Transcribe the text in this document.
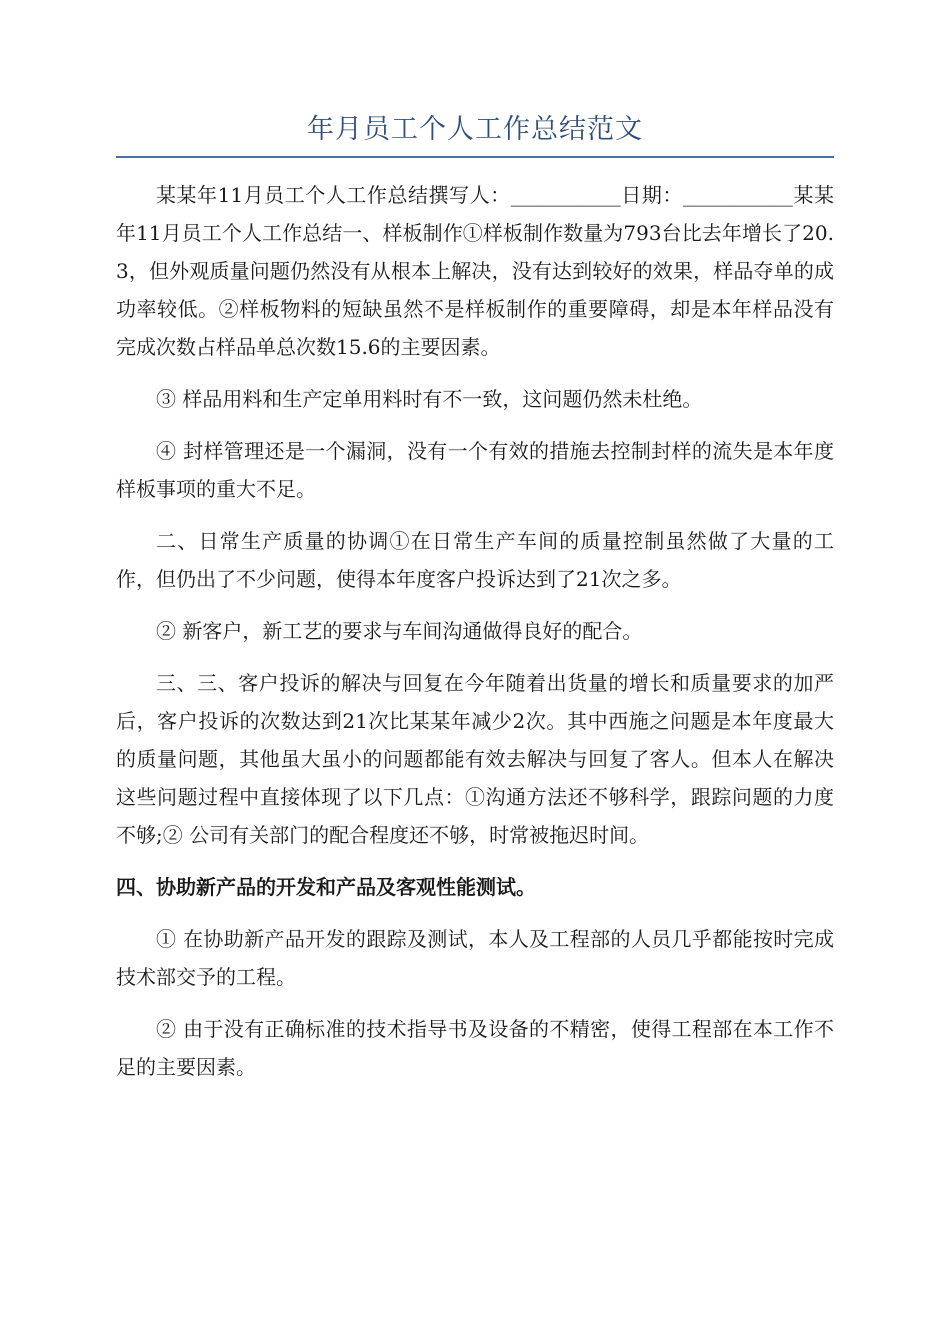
年月员工个人工作总结范文

某某年11月员工个人工作总结撰写人：___________日期：___________某某年11月员工个人工作总结一、样板制作①样板制作数量为793台比去年增长了20.3，但外观质量问题仍然没有从根本上解决，没有达到较好的效果，样品夺单的成功率较低。②样板物料的短缺虽然不是样板制作的重要障碍，却是本年样品没有完成次数占样品单总次数15.6的主要因素。

③ 样品用料和生产定单用料时有不一致，这问题仍然未杜绝。

④ 封样管理还是一个漏洞，没有一个有效的措施去控制封样的流失是本年度样板事项的重大不足。

二、日常生产质量的协调①在日常生产车间的质量控制虽然做了大量的工作，但仍出了不少问题，使得本年度客户投诉达到了21次之多。

② 新客户，新工艺的要求与车间沟通做得良好的配合。

三、三、客户投诉的解决与回复在今年随着出货量的增长和质量要求的加严后，客户投诉的次数达到21次比某某年减少2次。其中西施之问题是本年度最大的质量问题，其他虽大虽小的问题都能有效去解决与回复了客人。但本人在解决这些问题过程中直接体现了以下几点：①沟通方法还不够科学，跟踪问题的力度不够;② 公司有关部门的配合程度还不够，时常被拖迟时间。

四、协助新产品的开发和产品及客观性能测试。

① 在协助新产品开发的跟踪及测试，本人及工程部的人员几乎都能按时完成技术部交予的工程。

② 由于没有正确标准的技术指导书及设备的不精密，使得工程部在本工作不足的主要因素。
